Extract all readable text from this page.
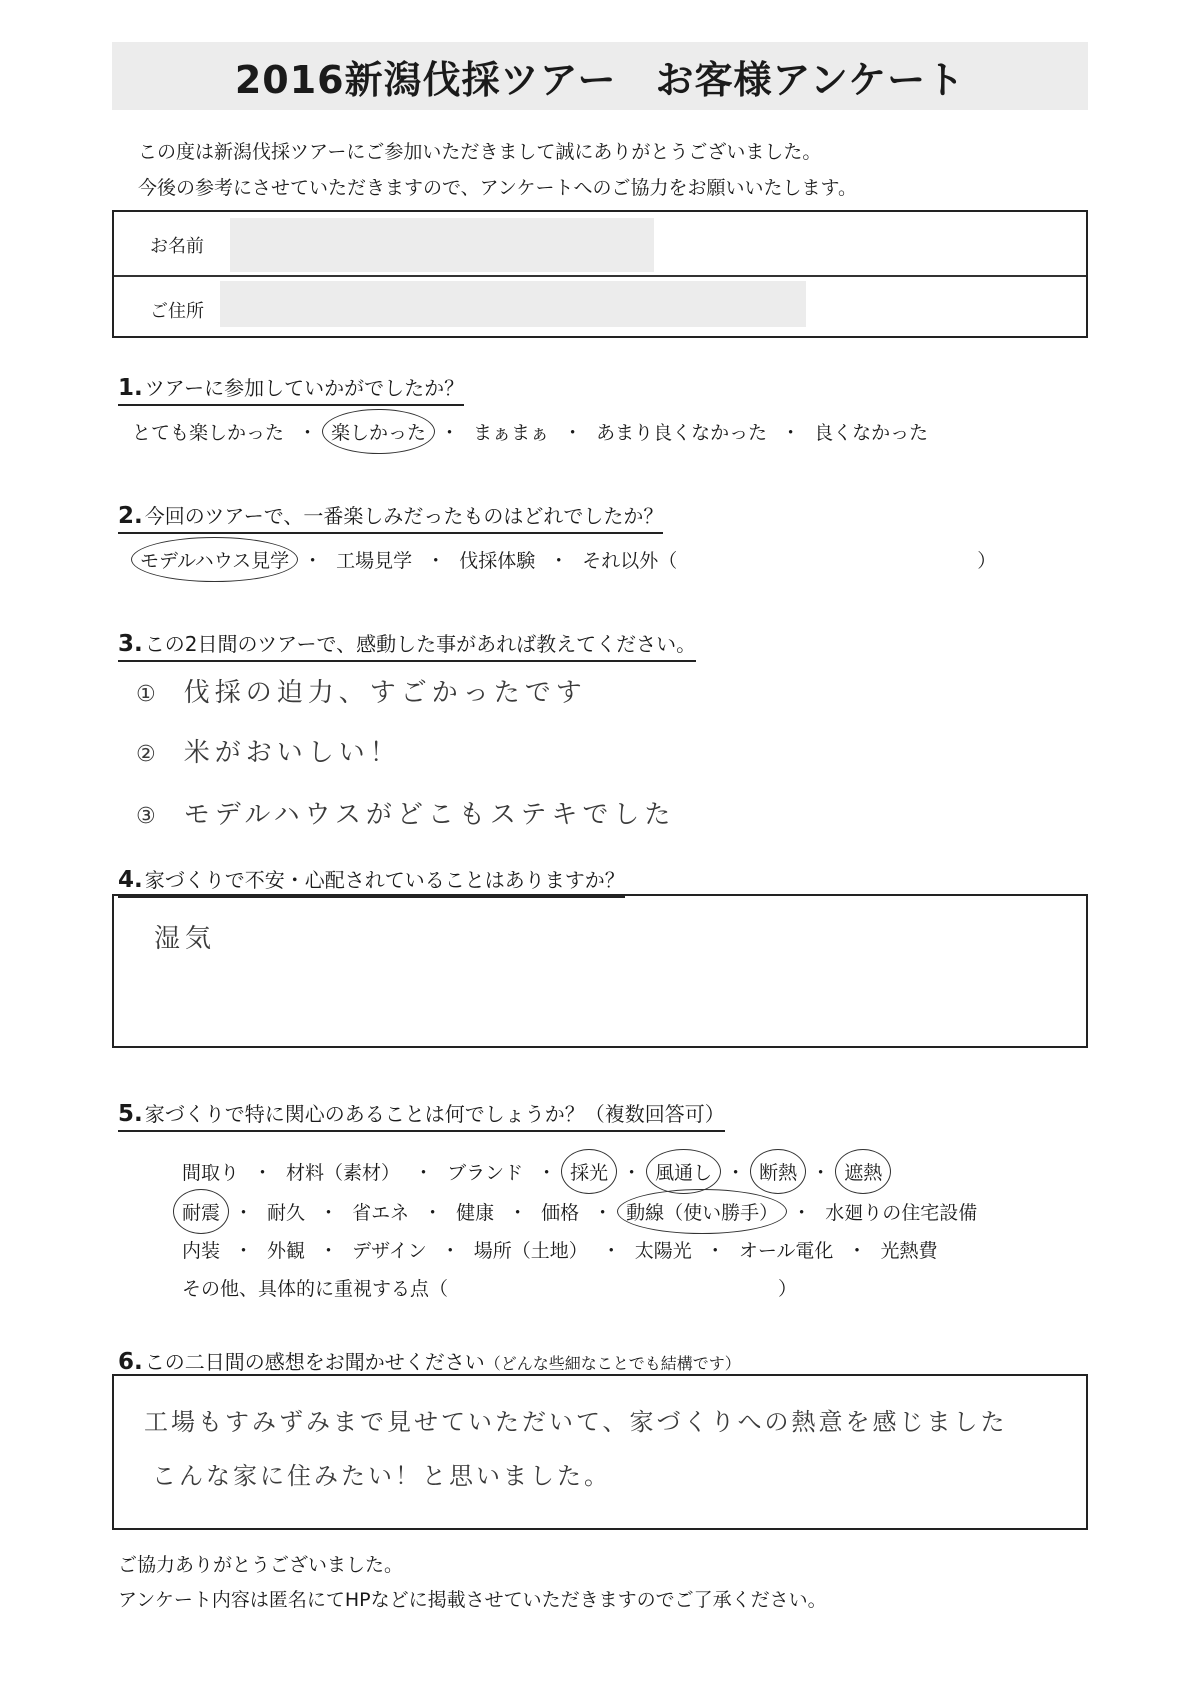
2016新潟伐採ツアー　お客様アンケート
この度は新潟伐採ツアーにご参加いただきまして誠にありがとうございました。
今後の参考にさせていただきますので、アンケートへのご協力をお願いいたします。
お名前
ご住所
1. ツアーに参加していかがでしたか？
とても楽しかった ・ 楽しかった ・ まぁまぁ ・ あまり良くなかった ・ 良くなかった
2. 今回のツアーで、一番楽しみだったものはどれでしたか？
モデルハウス見学 ・ 工場見学 ・ 伐採体験 ・ それ以外（	）
3. この2日間のツアーで、感動した事があれば教えてください。
① 伐採の迫力、すごかったです
② 米がおいしい！
③ モデルハウスがどこもステキでした
4. 家づくりで不安・心配されていることはありますか？
湿気
5. 家づくりで特に関心のあることは何でしょうか？（複数回答可）
間取り ・ 材料（素材） ・ ブランド ・ 採光 ・ 風通し ・ 断熱 ・ 遮熱
耐震 ・ 耐久 ・ 省エネ ・ 健康 ・ 価格 ・ 動線（使い勝手） ・ 水廻りの住宅設備
内装 ・ 外観 ・ デザイン ・ 場所（土地） ・ 太陽光 ・ オール電化 ・ 光熱費
その他、具体的に重視する点（	）
6. この二日間の感想をお聞かせください（どんな些細なことでも結構です）
工場もすみずみまで見せていただいて、家づくりへの熱意を感じました
こんな家に住みたい！と思いました。
ご協力ありがとうございました。
アンケート内容は匿名にてHPなどに掲載させていただきますのでご了承ください。
